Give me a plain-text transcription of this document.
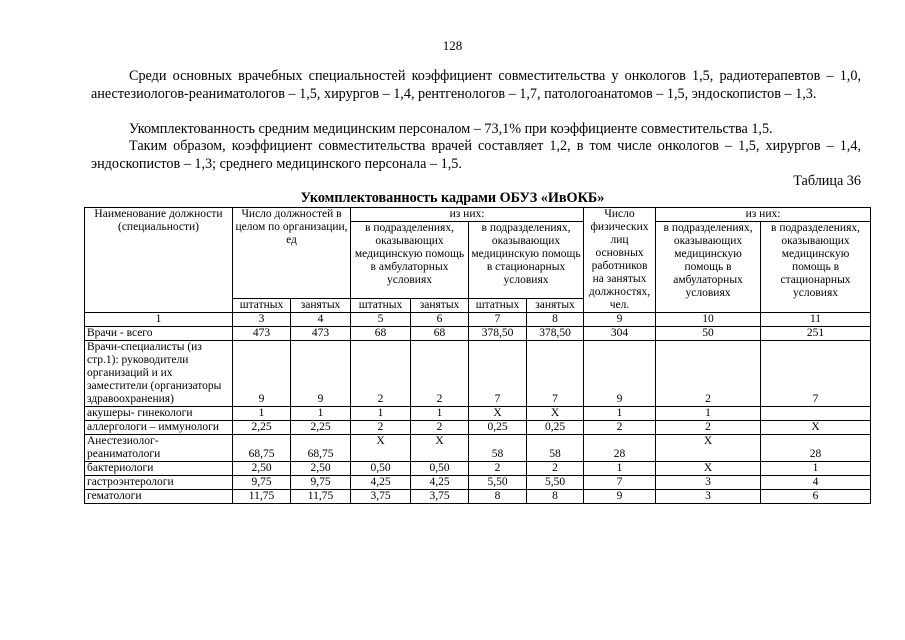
128

Среди основных врачебных специальностей коэффициент совместительства у онкологов 1,5, радиотерапевтов – 1,0, анестезиологов-реаниматологов – 1,5, хирургов – 1,4, рентгенологов – 1,7, патологоанатомов – 1,5, эндоскопистов – 1,3.

Укомплектованность средним медицинским персоналом – 73,1% при коэффициенте совместительства 1,5.

Таким образом, коэффициент совместительства врачей составляет 1,2, в том числе онкологов – 1,5, хирургов – 1,4, эндоскопистов – 1,3; среднего медицинского персонала – 1,5.

Таблица 36
Укомплектованность кадрами ОБУЗ «ИвОКБ»
Наименование должности (специальности)	Число должностей в целом по организации, ед		из них:				Число физических лиц основных работников на занятых должностях, чел.	из них:	
			в подразделениях, оказывающих медицинскую помощь в амбулаторных условиях		в подразделениях, оказывающих медицинскую помощь в стационарных условиях			в подразделениях, оказывающих медицинскую помощь в амбулаторных условиях	в подразделениях, оказывающих медицинскую помощь в стационарных условиях
	штатных	занятых	штатных	занятых	штатных	занятых			
1	3	4	5	6	7	8	9	10	11
Врачи - всего	473	473	68	68	378,50	378,50	304	50	251
Врачи-специалисты (из стр.1): руководители организаций и их заместители (организаторы здравоохранения)	9	9	2	2	7	7	9	2	7
акушеры- гинекологи	1	1	1	1	Х	Х	1	1	
аллергологи – иммунологи	2,25	2,25	2	2	0,25	0,25	2	2	Х
Анестезиолог-реаниматологи	68,75	68,75	Х	Х	58	58	28	Х	28
бактериологи	2,50	2,50	0,50	0,50	2	2	1	Х	1
гастроэнтерологи	9,75	9,75	4,25	4,25	5,50	5,50	7	3	4
гематологи	11,75	11,75	3,75	3,75	8	8	9	3	6
